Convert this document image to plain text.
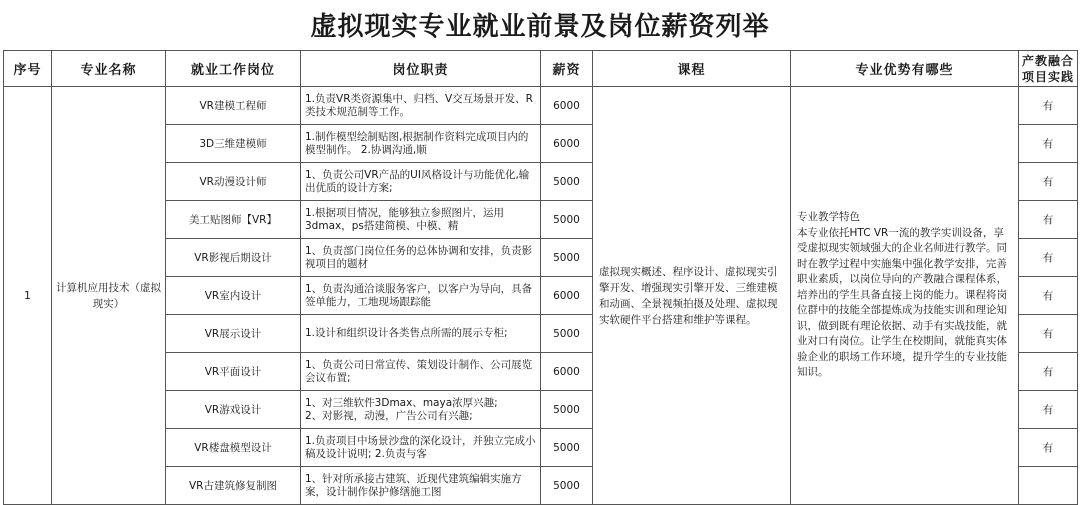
虚拟现实专业就业前景及岗位薪资列举
序号	专业名称	就业工作岗位	岗位职责	薪资	课程	专业优势有哪些	产教融合项目实践
1	计算机应用技术（虚拟现实）	VR建模工程师	1.负责VR类资源集中、归档、V交互场景开发、R类技术规范制等工作。	6000	虚拟现实概述、程序设计、虚拟现实引擎开发、增强现实引擎开发、三维建模和动画、全景视频拍摄及处理、虚拟现实软硬件平台搭建和维护等课程。	专业教学特色
本专业依托HTC VR一流的教学实训设备，享受虚拟现实领域强大的企业名师进行教学。同时在教学过程中实施集中强化教学安排，完善职业素质，以岗位导向的产教融合课程体系，培养出的学生具备直接上岗的能力。课程将岗位群中的技能全部提炼成为技能实训和理论知识，做到既有理论依据、动手有实战技能，就业对口有岗位。让学生在校期间，就能真实体验企业的职场工作环境，提升学生的专业技能知识。	有
		3D三维建模师	1.制作模型绘制贴图,根据制作资料完成项目内的模型制作。 2.协调沟通,顺	6000			有
		VR动漫设计师	1、负责公司VR产品的UI风格设计与功能优化,输出优质的设计方案;	5000			有
		美工贴图师【VR】	1.根据项目情况，能够独立参照图片，运用3dmax，ps搭建简模、中模、精	5000			有
		VR影视后期设计	1、负责部门岗位任务的总体协调和安排，负责影视项目的题材	5000			有
		VR室内设计	1、负责沟通洽谈服务客户，以客户为导向，具备签单能力，工地现场跟踪能	6000			有
		VR展示设计	1.设计和组织设计各类售点所需的展示专柜;	5000			有
		VR平面设计	1、负责公司日常宣传、策划设计制作、公司展览会议布置;	6000			有
		VR游戏设计	1、对三维软件3Dmax、maya浓厚兴趣;
2、对影视，动漫，广告公司有兴趣;	5000			有
		VR楼盘模型设计	1.负责项目中场景沙盘的深化设计，并独立完成小稿及设计说明; 2.负责与客	5000			有
		VR古建筑修复制图	1、针对所承接古建筑、近现代建筑编辑实施方案，设计制作保护修缮施工图	5000			
